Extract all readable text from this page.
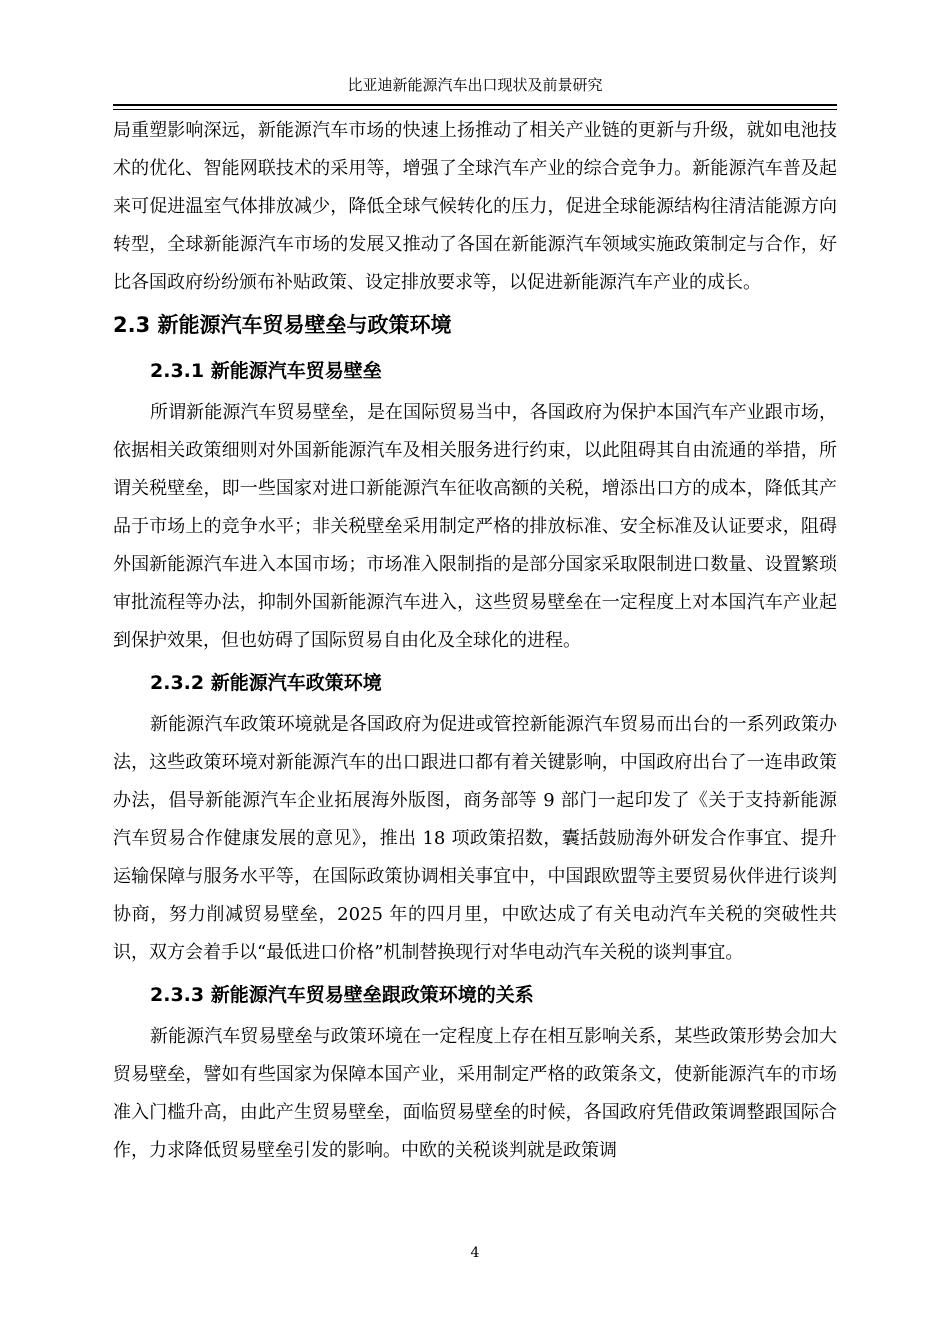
比亚迪新能源汽车出口现状及前景研究

局重塑影响深远，新能源汽车市场的快速上扬推动了相关产业链的更新与升级，就如电池技术的优化、智能网联技术的采用等，增强了全球汽车产业的综合竞争力。新能源汽车普及起来可促进温室气体排放减少，降低全球气候转化的压力，促进全球能源结构往清洁能源方向转型，全球新能源汽车市场的发展又推动了各国在新能源汽车领域实施政策制定与合作，好比各国政府纷纷颁布补贴政策、设定排放要求等，以促进新能源汽车产业的成长。

2.3 新能源汽车贸易壁垒与政策环境
2.3.1 新能源汽车贸易壁垒

所谓新能源汽车贸易壁垒，是在国际贸易当中，各国政府为保护本国汽车产业跟市场，依据相关政策细则对外国新能源汽车及相关服务进行约束，以此阻碍其自由流通的举措，所谓关税壁垒，即一些国家对进口新能源汽车征收高额的关税，增添出口方的成本，降低其产品于市场上的竞争水平；非关税壁垒采用制定严格的排放标准、安全标准及认证要求，阻碍外国新能源汽车进入本国市场；市场准入限制指的是部分国家采取限制进口数量、设置繁琐审批流程等办法，抑制外国新能源汽车进入，这些贸易壁垒在一定程度上对本国汽车产业起到保护效果，但也妨碍了国际贸易自由化及全球化的进程。

2.3.2 新能源汽车政策环境

新能源汽车政策环境就是各国政府为促进或管控新能源汽车贸易而出台的一系列政策办法，这些政策环境对新能源汽车的出口跟进口都有着关键影响，中国政府出台了一连串政策办法，倡导新能源汽车企业拓展海外版图，商务部等 9 部门一起印发了《关于支持新能源汽车贸易合作健康发展的意见》，推出 18 项政策招数，囊括鼓励海外研发合作事宜、提升运输保障与服务水平等，在国际政策协调相关事宜中，中国跟欧盟等主要贸易伙伴进行谈判协商，努力削减贸易壁垒，2025 年的四月里，中欧达成了有关电动汽车关税的突破性共识，双方会着手以“最低进口价格”机制替换现行对华电动汽车关税的谈判事宜。

2.3.3 新能源汽车贸易壁垒跟政策环境的关系

新能源汽车贸易壁垒与政策环境在一定程度上存在相互影响关系，某些政策形势会加大贸易壁垒，譬如有些国家为保障本国产业，采用制定严格的政策条文，使新能源汽车的市场准入门槛升高，由此产生贸易壁垒，面临贸易壁垒的时候，各国政府凭借政策调整跟国际合作，力求降低贸易壁垒引发的影响。中欧的关税谈判就是政策调

4
